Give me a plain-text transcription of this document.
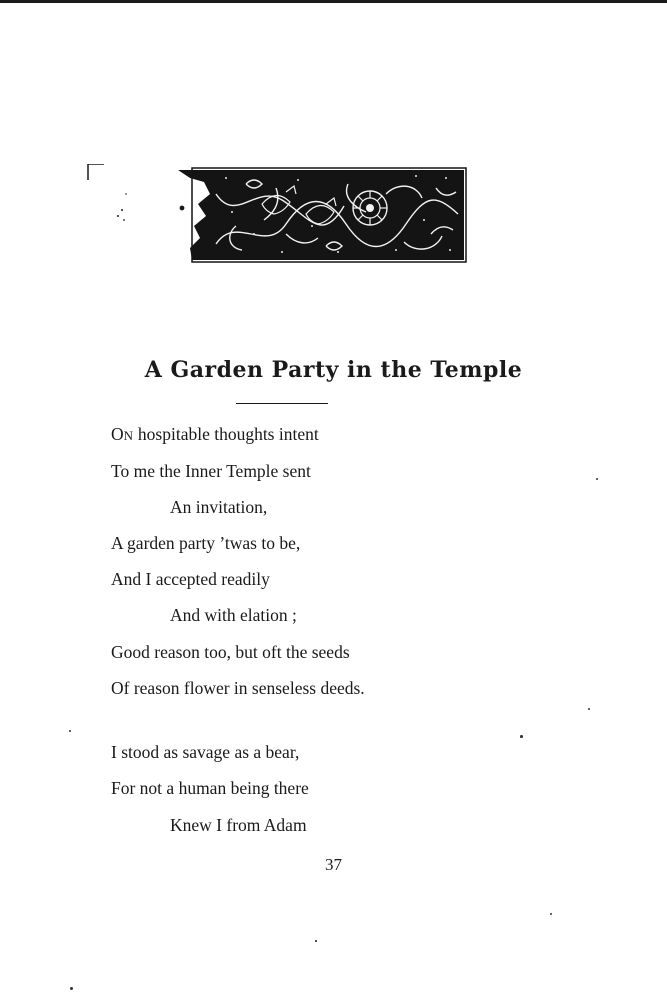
A Garden Party in the Temple
ON hospitable thoughts intent
To me the Inner Temple sent
An invitation,
A garden party ’twas to be,
And I accepted readily
And with elation ;
Good reason too, but oft the seeds
Of reason flower in senseless deeds.
I stood as savage as a bear,
For not a human being there
Knew I from Adam
37
